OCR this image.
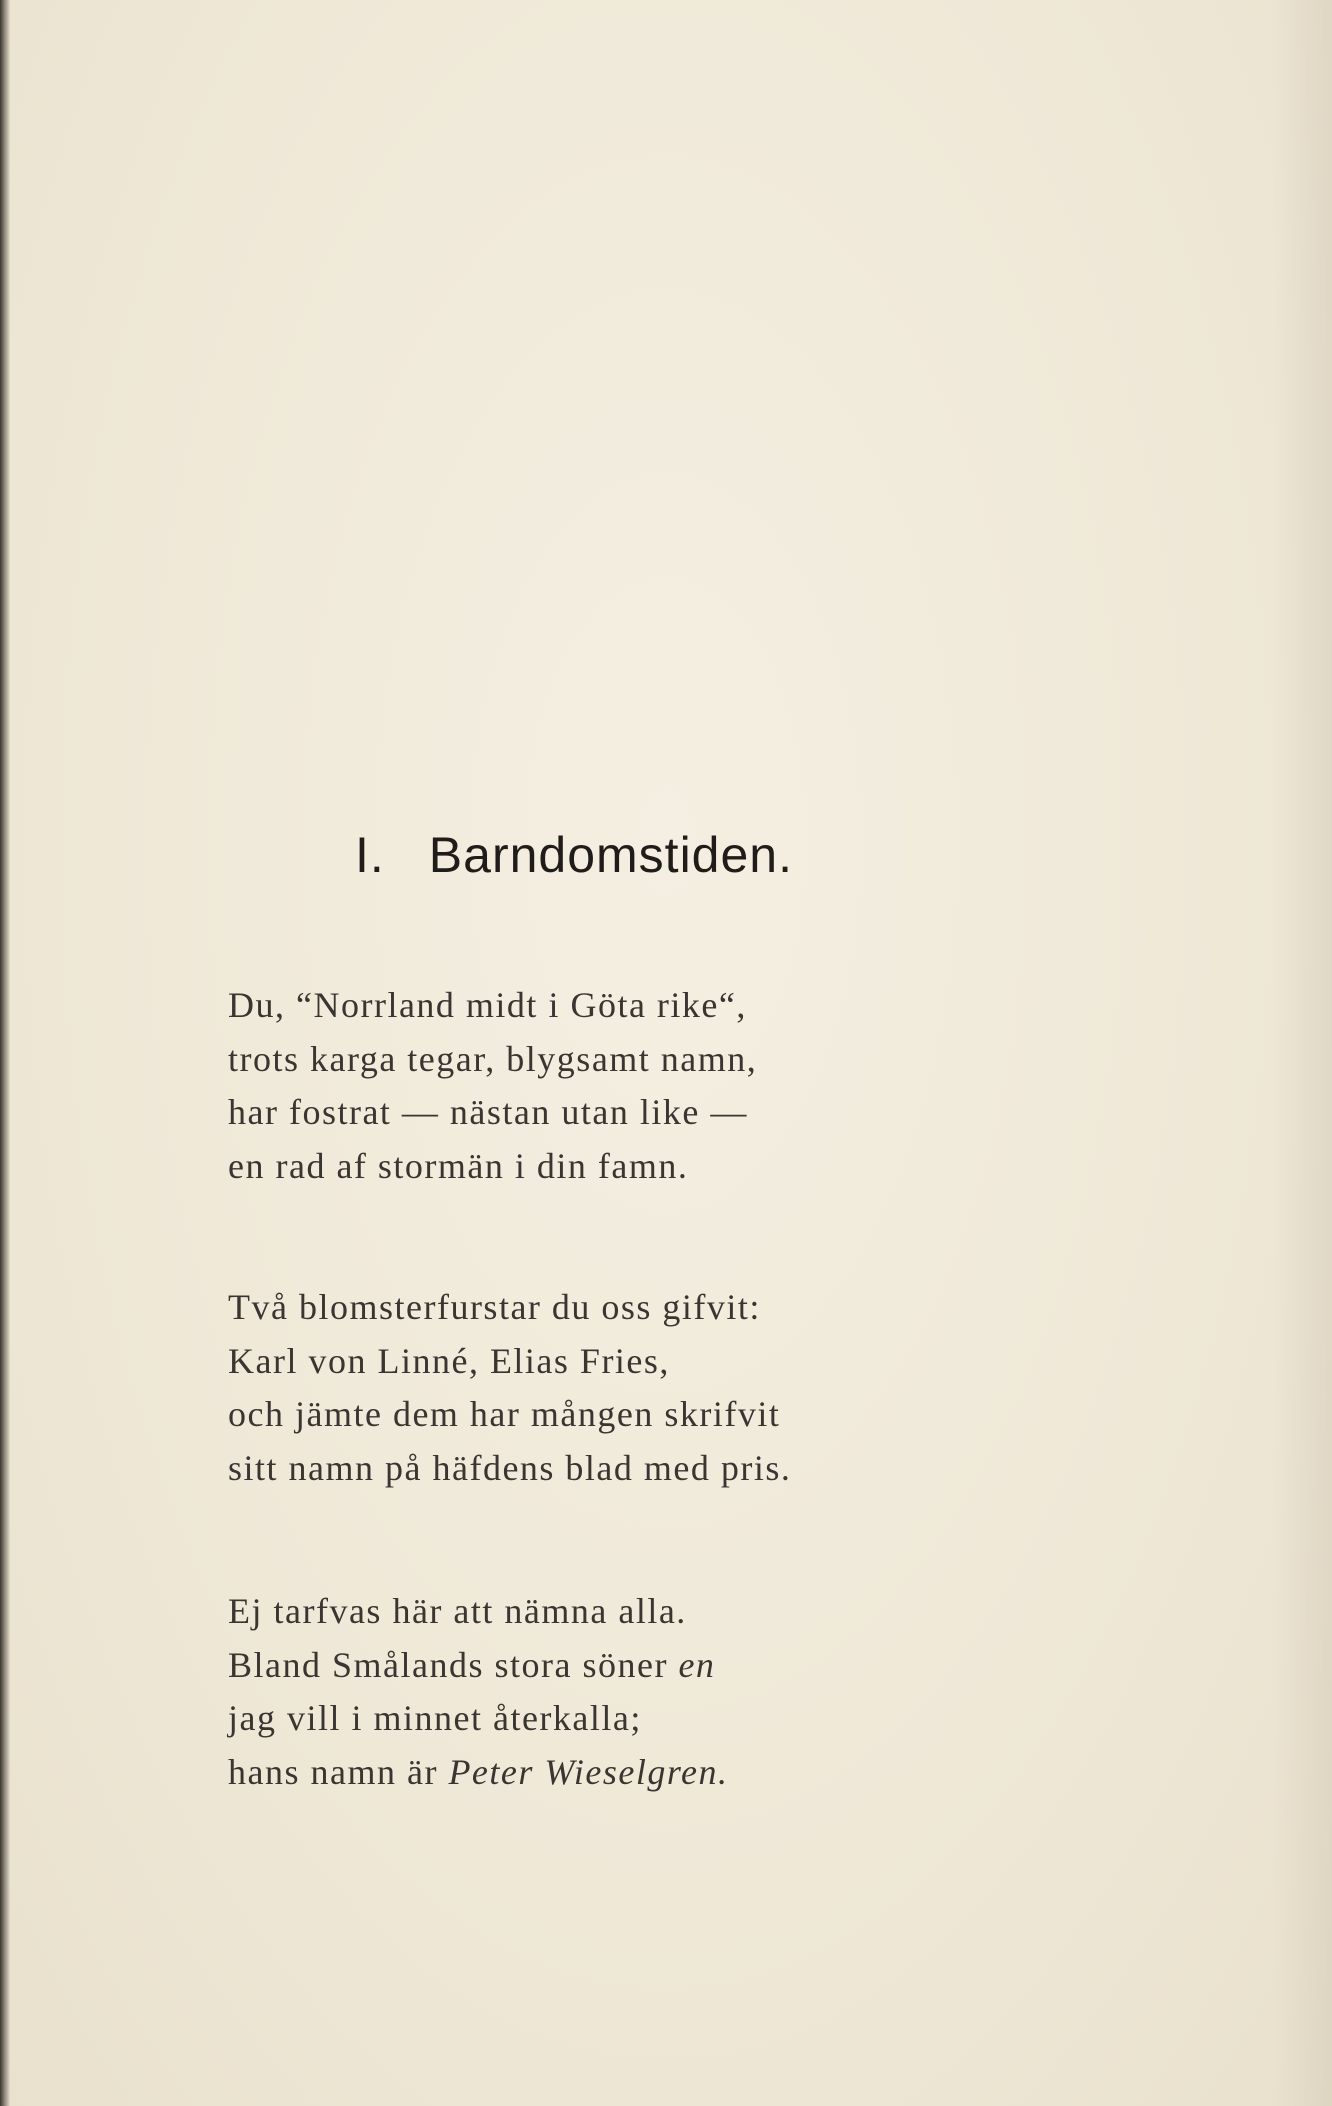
I. Barndomstiden.
Du, “Norrland midt i Göta rike“,
trots karga tegar, blygsamt namn,
har fostrat — nästan utan like —
en rad af stormän i din famn.
Två blomsterfurstar du oss gifvit:
Karl von Linné, Elias Fries,
och jämte dem har mången skrifvit
sitt namn på häfdens blad med pris.
Ej tarfvas här att nämna alla.
Bland Smålands stora söner en
jag vill i minnet återkalla;
hans namn är Peter Wieselgren.
